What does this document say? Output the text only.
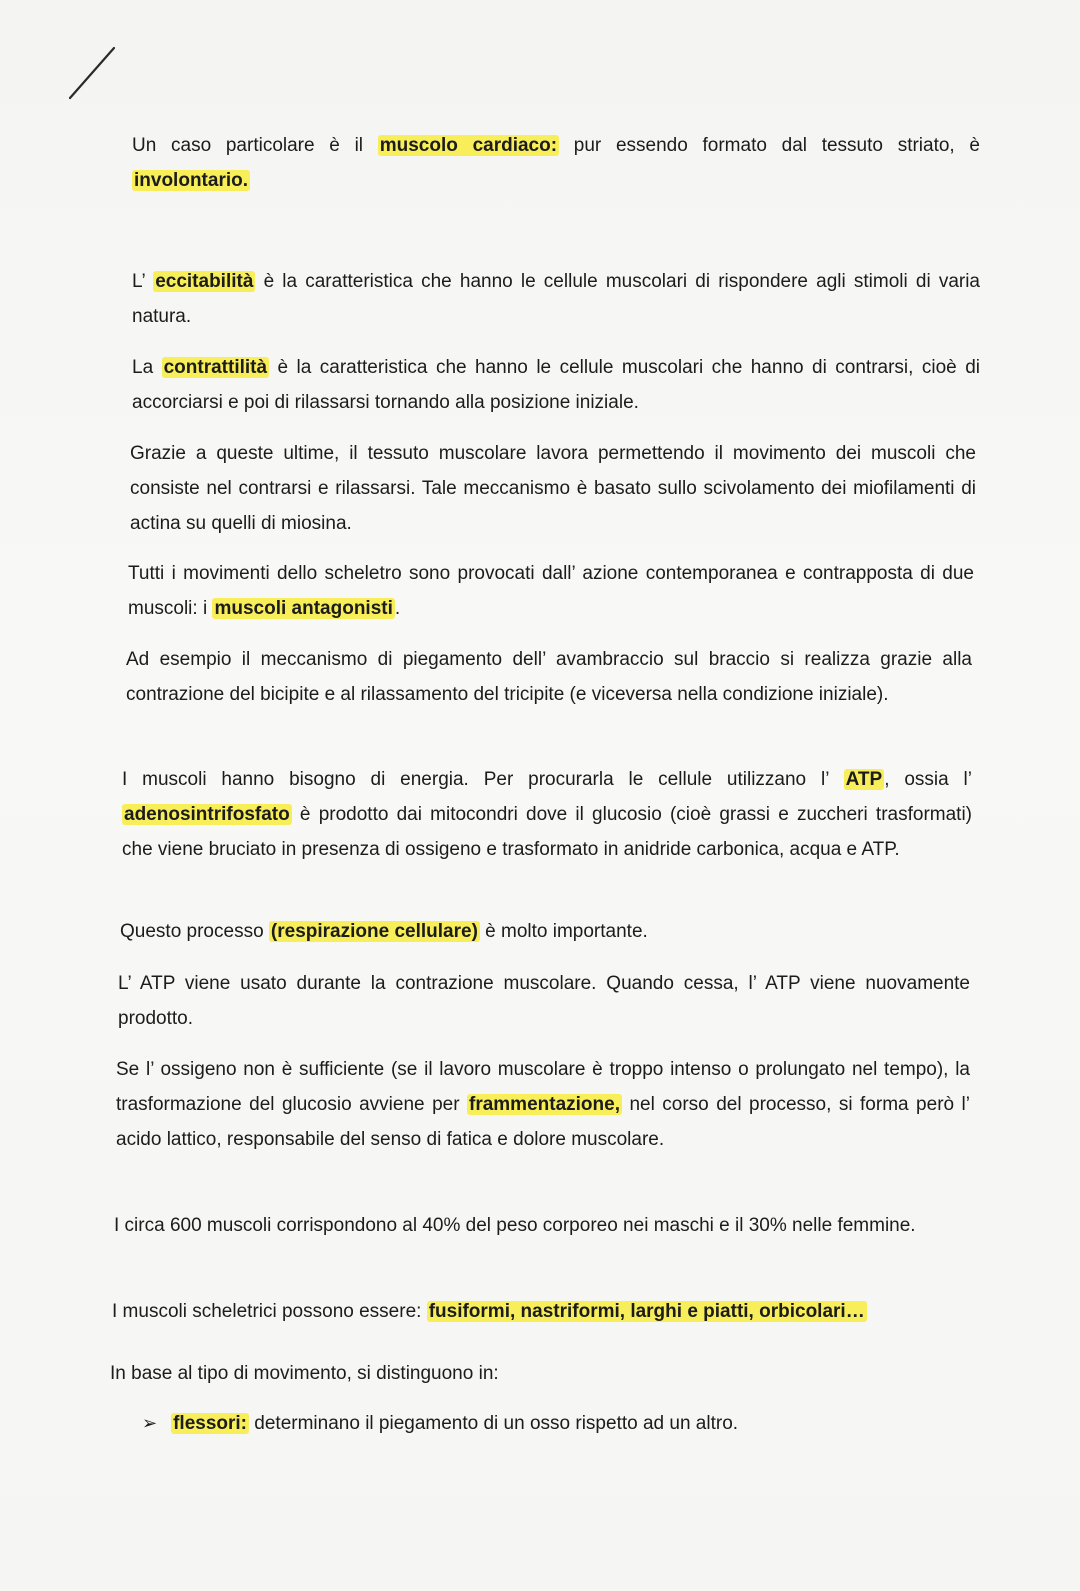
Un caso particolare è il muscolo cardiaco: pur essendo formato dal tessuto striato, è involontario.

L’ eccitabilità è la caratteristica che hanno le cellule muscolari di rispondere agli stimoli di varia natura.

La contrattilità è la caratteristica che hanno le cellule muscolari che hanno di contrarsi, cioè di accorciarsi e poi di rilassarsi tornando alla posizione iniziale.

Grazie a queste ultime, il tessuto muscolare lavora permettendo il movimento dei muscoli che consiste nel contrarsi e rilassarsi. Tale meccanismo è basato sullo scivolamento dei miofilamenti di actina su quelli di miosina.

Tutti i movimenti dello scheletro sono provocati dall’ azione contemporanea e contrapposta di due muscoli: i muscoli antagonisti .

Ad esempio il meccanismo di piegamento dell’ avambraccio sul braccio si realizza grazie alla contrazione del bicipite e al rilassamento del tricipite (e viceversa nella condizione iniziale).

I muscoli hanno bisogno di energia. Per procurarla le cellule utilizzano l’ ATP , ossia l’ adenosintrifosfato è prodotto dai mitocondri dove il glucosio (cioè grassi e zuccheri trasformati) che viene bruciato in presenza di ossigeno e trasformato in anidride carbonica, acqua e ATP.

Questo processo (respirazione cellulare) è molto importante.

L’ ATP viene usato durante la contrazione muscolare. Quando cessa, l’ ATP viene nuovamente prodotto.

Se l’ ossigeno non è sufficiente (se il lavoro muscolare è troppo intenso o prolungato nel tempo), la trasformazione del glucosio avviene per frammentazione, nel corso del processo, si forma però l’ acido lattico, responsabile del senso di fatica e dolore muscolare.

I circa 600 muscoli corrispondono al 40% del peso corporeo nei maschi e il 30% nelle femmine.

I muscoli scheletrici possono essere: fusiformi, nastriformi, larghi e piatti, orbicolari…

In base al tipo di movimento, si distinguono in:

➢ flessori: determinano il piegamento di un osso rispetto ad un altro.
